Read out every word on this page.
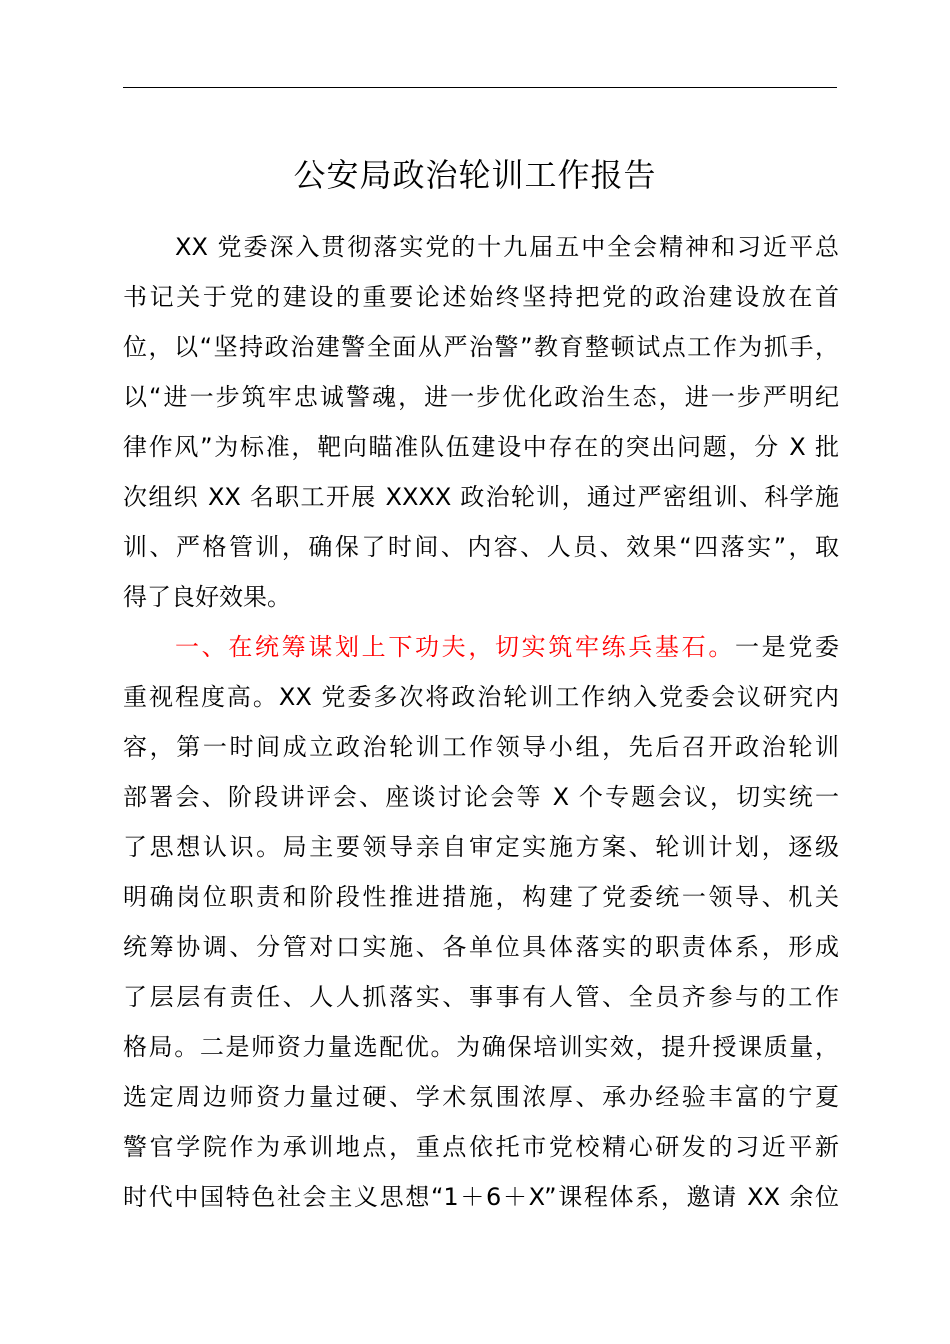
公安局政治轮训工作报告
XX 党委深入贯彻落实党的十九届五中全会精神和习近平总
书记关于党的建设的重要论述始终坚持把党的政治建设放在首
位，以“坚持政治建警全面从严治警”教育整顿试点工作为抓手，
以“进一步筑牢忠诚警魂，进一步优化政治生态，进一步严明纪
律作风”为标准，靶向瞄准队伍建设中存在的突出问题，分 X 批
次组织 XX 名职工开展 XXXX 政治轮训，通过严密组训、科学施
训、严格管训，确保了时间、内容、人员、效果“四落实”，取
得了良好效果。
一、在统筹谋划上下功夫，切实筑牢练兵基石。一是党委
重视程度高。XX 党委多次将政治轮训工作纳入党委会议研究内
容，第一时间成立政治轮训工作领导小组，先后召开政治轮训
部署会、阶段讲评会、座谈讨论会等 X 个专题会议，切实统一
了思想认识。局主要领导亲自审定实施方案、轮训计划，逐级
明确岗位职责和阶段性推进措施，构建了党委统一领导、机关
统筹协调、分管对口实施、各单位具体落实的职责体系，形成
了层层有责任、人人抓落实、事事有人管、全员齐参与的工作
格局。二是师资力量选配优。为确保培训实效，提升授课质量，
选定周边师资力量过硬、学术氛围浓厚、承办经验丰富的宁夏
警官学院作为承训地点，重点依托市党校精心研发的习近平新
时代中国特色社会主义思想“1＋6＋X”课程体系，邀请 XX 余位
